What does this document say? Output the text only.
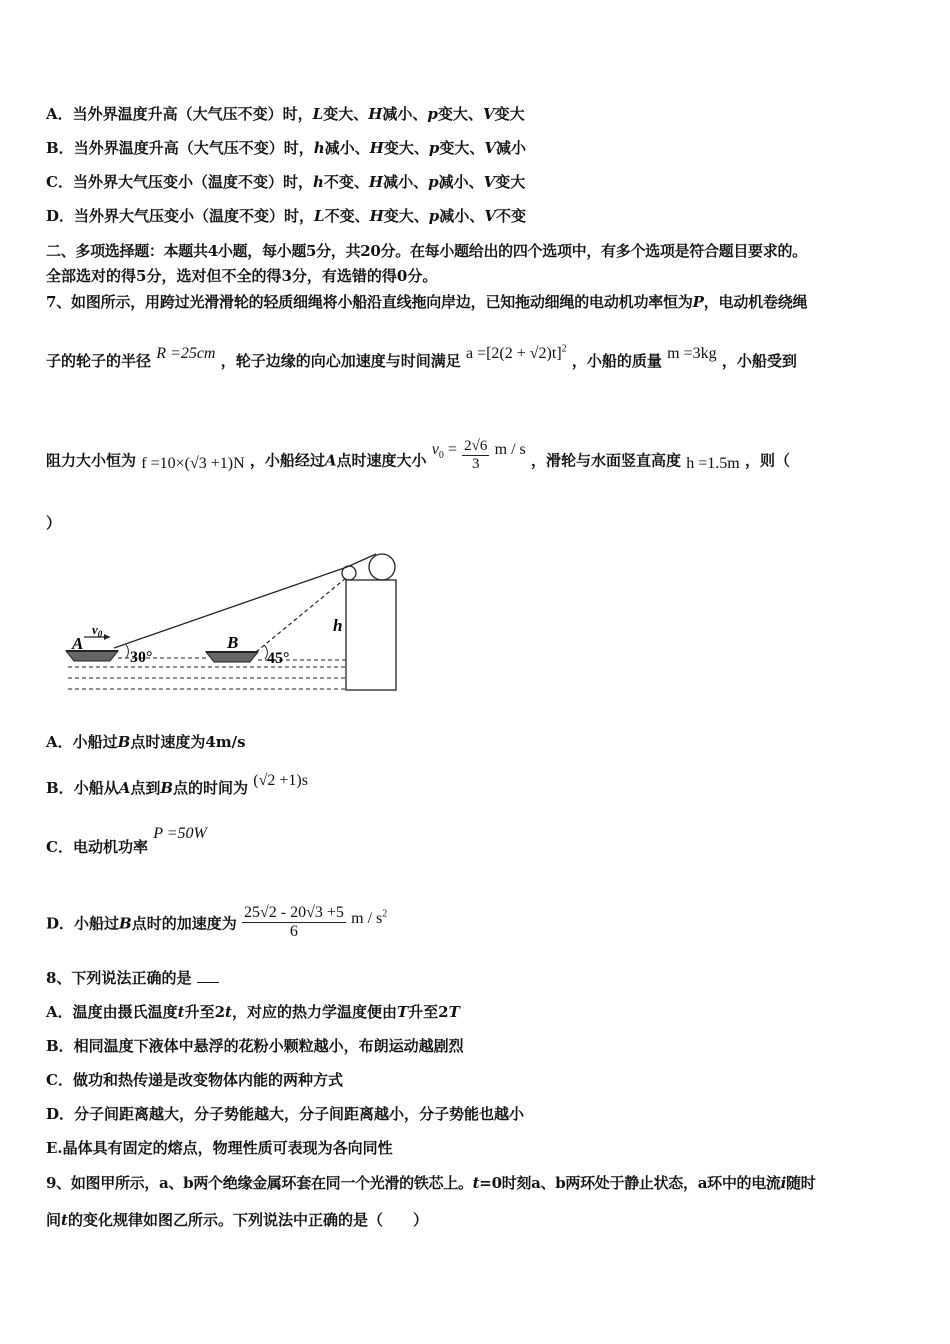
A．当外界温度升高（大气压不变）时，L变大、H减小、p变大、V变大
B．当外界温度升高（大气压不变）时，h减小、H变大、p变大、V减小
C．当外界大气压变小（温度不变）时，h不变、H减小、p减小、V变大
D．当外界大气压变小（温度不变）时，L不变、H变大、p减小、V不变
二、多项选择题：本题共4小题，每小题5分，共20分。在每小题给出的四个选项中，有多个选项是符合题目要求的。
全部选对的得5分，选对但不全的得3分，有选错的得0分。
7、如图所示，用跨过光滑滑轮的轻质细绳将小船沿直线拖向岸边，已知拖动细绳的电动机功率恒为P，电动机卷绕绳
子的轮子的半径 R =25cm ，轮子边缘的向心加速度与时间满足 $a =[2(2 + √2)t]^2$ ，小船的质量 m =3kg ，小船受到
阻力大小恒为 f =10×(√3 +1)N ，小船经过A点时速度大小 $v_0 = \frac{2√6}{3}$ m / s ，滑轮与水面竖直高度 h =1.5m ，则（
）
A
$v_0$	B
30°	45°
h
A．小船过B点时速度为4m/s
B．小船从A点到B点的时间为 (√2 +1)s
C．电动机功率 P =50W
D．小船过B点时的加速度为 $\frac{25√2 - 20√3 +5}{6}$ m / $s^2$
8、下列说法正确的是
A．温度由摄氏温度t升至2t，对应的热力学温度便由T升至2T
B．相同温度下液体中悬浮的花粉小颗粒越小，布朗运动越剧烈
C．做功和热传递是改变物体内能的两种方式
D．分子间距离越大，分子势能越大，分子间距离越小，分子势能也越小
E.晶体具有固定的熔点，物理性质可表现为各向同性
9、如图甲所示，a、b两个绝缘金属环套在同一个光滑的铁芯上。t=0时刻a、b两环处于静止状态，a环中的电流i随时
间t的变化规律如图乙所示。下列说法中正确的是（　　）
